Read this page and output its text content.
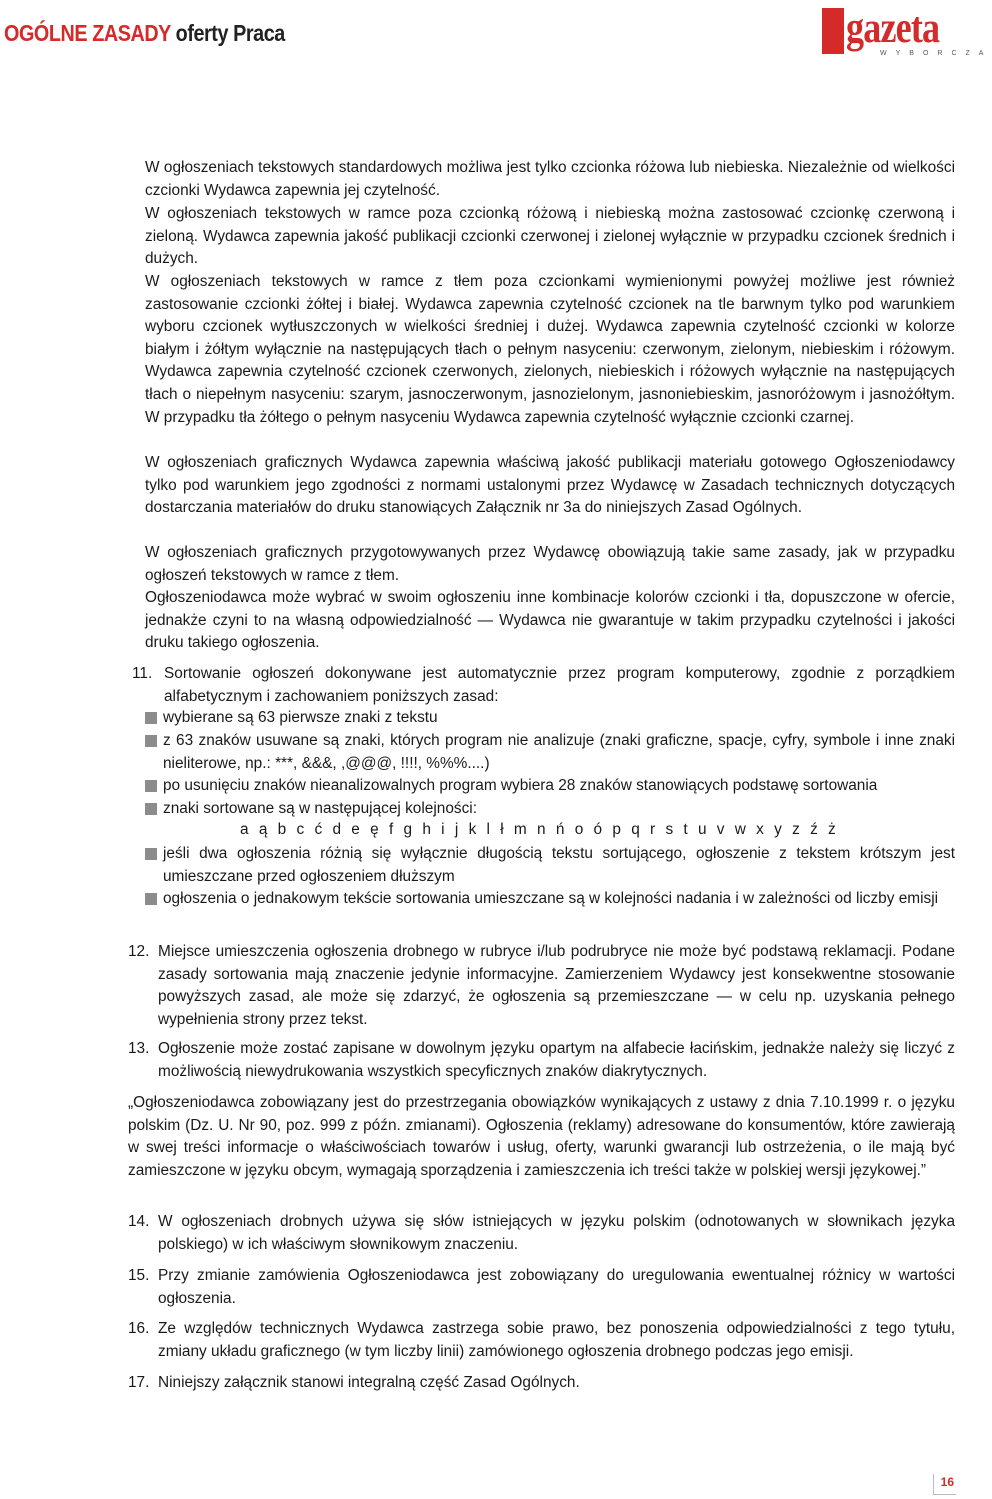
OGÓLNE ZASADY oferty Praca	gazeta
WYBORCZA
W ogłoszeniach tekstowych standardowych możliwa jest tylko czcionka różowa lub niebieska. Niezależnie od wielkości czcionki Wydawca zapewnia jej czytelność.
W ogłoszeniach tekstowych w ramce poza czcionką różową i niebieską można zastosować czcionkę czerwoną i zieloną. Wydawca zapewnia jakość publikacji czcionki czerwonej i zielonej wyłącznie w przypadku czcionek średnich i dużych.
W ogłoszeniach tekstowych w ramce z tłem poza czcionkami wymienionymi powyżej możliwe jest również zastosowanie czcionki żółtej i białej. Wydawca zapewnia czytelność czcionek na tle barwnym tylko pod warunkiem wyboru czcionek wytłuszczonych w wielkości średniej i dużej. Wydawca zapewnia czytelność czcionki w kolorze białym i żółtym wyłącznie na następujących tłach o pełnym nasyceniu: czerwonym, zielonym, niebieskim i różowym. Wydawca zapewnia czytelność czcionek czerwonych, zielonych, niebieskich i różowych wyłącznie na następujących tłach o niepełnym nasyceniu: szarym, jasnoczerwonym, jasnozielonym, jasnoniebieskim, jasnoróżowym i jasnożółtym. W przypadku tła żółtego o pełnym nasyceniu Wydawca zapewnia czytelność wyłącznie czcionki czarnej.
W ogłoszeniach graficznych Wydawca zapewnia właściwą jakość publikacji materiału gotowego Ogłoszeniodawcy tylko pod warunkiem jego zgodności z normami ustalonymi przez Wydawcę w Zasadach technicznych dotyczących dostarczania materiałów do druku stanowiących Załącznik nr 3a do niniejszych Zasad Ogólnych.
W ogłoszeniach graficznych przygotowywanych przez Wydawcę obowiązują takie same zasady, jak w przypadku ogłoszeń tekstowych w ramce z tłem.
Ogłoszeniodawca może wybrać w swoim ogłoszeniu inne kombinacje kolorów czcionki i tła, dopuszczone w ofercie, jednakże czyni to na własną odpowiedzialność — Wydawca nie gwarantuje w takim przypadku czytelności i jakości druku takiego ogłoszenia.
11. Sortowanie ogłoszeń dokonywane jest automatycznie przez program komputerowy, zgodnie z porządkiem alfabetycznym i zachowaniem poniższych zasad:
wybierane są 63 pierwsze znaki z tekstu
z 63 znaków usuwane są znaki, których program nie analizuje (znaki graficzne, spacje, cyfry, symbole i inne znaki nieliterowe, np.: ***, &&&, ,@@@, !!!!, %%%....)
po usunięciu znaków nieanalizowalnych program wybiera 28 znaków stanowiących podstawę sortowania
znaki sortowane są w następującej kolejności:
a ą b c ć d e ę f g h i j k l ł m n ń o ó p q r s t u v w x y z ź ż
jeśli dwa ogłoszenia różnią się wyłącznie długością tekstu sortującego, ogłoszenie z tekstem krótszym jest umieszczane przed ogłoszeniem dłuższym
ogłoszenia o jednakowym tekście sortowania umieszczane są w kolejności nadania i w zależności od liczby emisji
12. Miejsce umieszczenia ogłoszenia drobnego w rubryce i/lub podrubryce nie może być podstawą reklamacji. Podane zasady sortowania mają znaczenie jedynie informacyjne. Zamierzeniem Wydawcy jest konsekwentne stosowanie powyższych zasad, ale może się zdarzyć, że ogłoszenia są przemieszczane — w celu np. uzyskania pełnego wypełnienia strony przez tekst.
13. Ogłoszenie może zostać zapisane w dowolnym języku opartym na alfabecie łacińskim, jednakże należy się liczyć z możliwością niewydrukowania wszystkich specyficznych znaków diakrytycznych.
„Ogłoszeniodawca zobowiązany jest do przestrzegania obowiązków wynikających z ustawy z dnia 7.10.1999 r. o języku polskim (Dz. U. Nr 90, poz. 999 z późn. zmianami). Ogłoszenia (reklamy) adresowane do konsumentów, które zawierają w swej treści informacje o właściwościach towarów i usług, oferty, warunki gwarancji lub ostrzeżenia, o ile mają być zamieszczone w języku obcym, wymagają sporządzenia i zamieszczenia ich treści także w polskiej wersji językowej.”
14. W ogłoszeniach drobnych używa się słów istniejących w języku polskim (odnotowanych w słownikach języka polskiego) w ich właściwym słownikowym znaczeniu.
15. Przy zmianie zamówienia Ogłoszeniodawca jest zobowiązany do uregulowania ewentualnej różnicy w wartości ogłoszenia.
16. Ze względów technicznych Wydawca zastrzega sobie prawo, bez ponoszenia odpowiedzialności z tego tytułu, zmiany układu graficznego (w tym liczby linii) zamówionego ogłoszenia drobnego podczas jego emisji.
17. Niniejszy załącznik stanowi integralną część Zasad Ogólnych.
16
